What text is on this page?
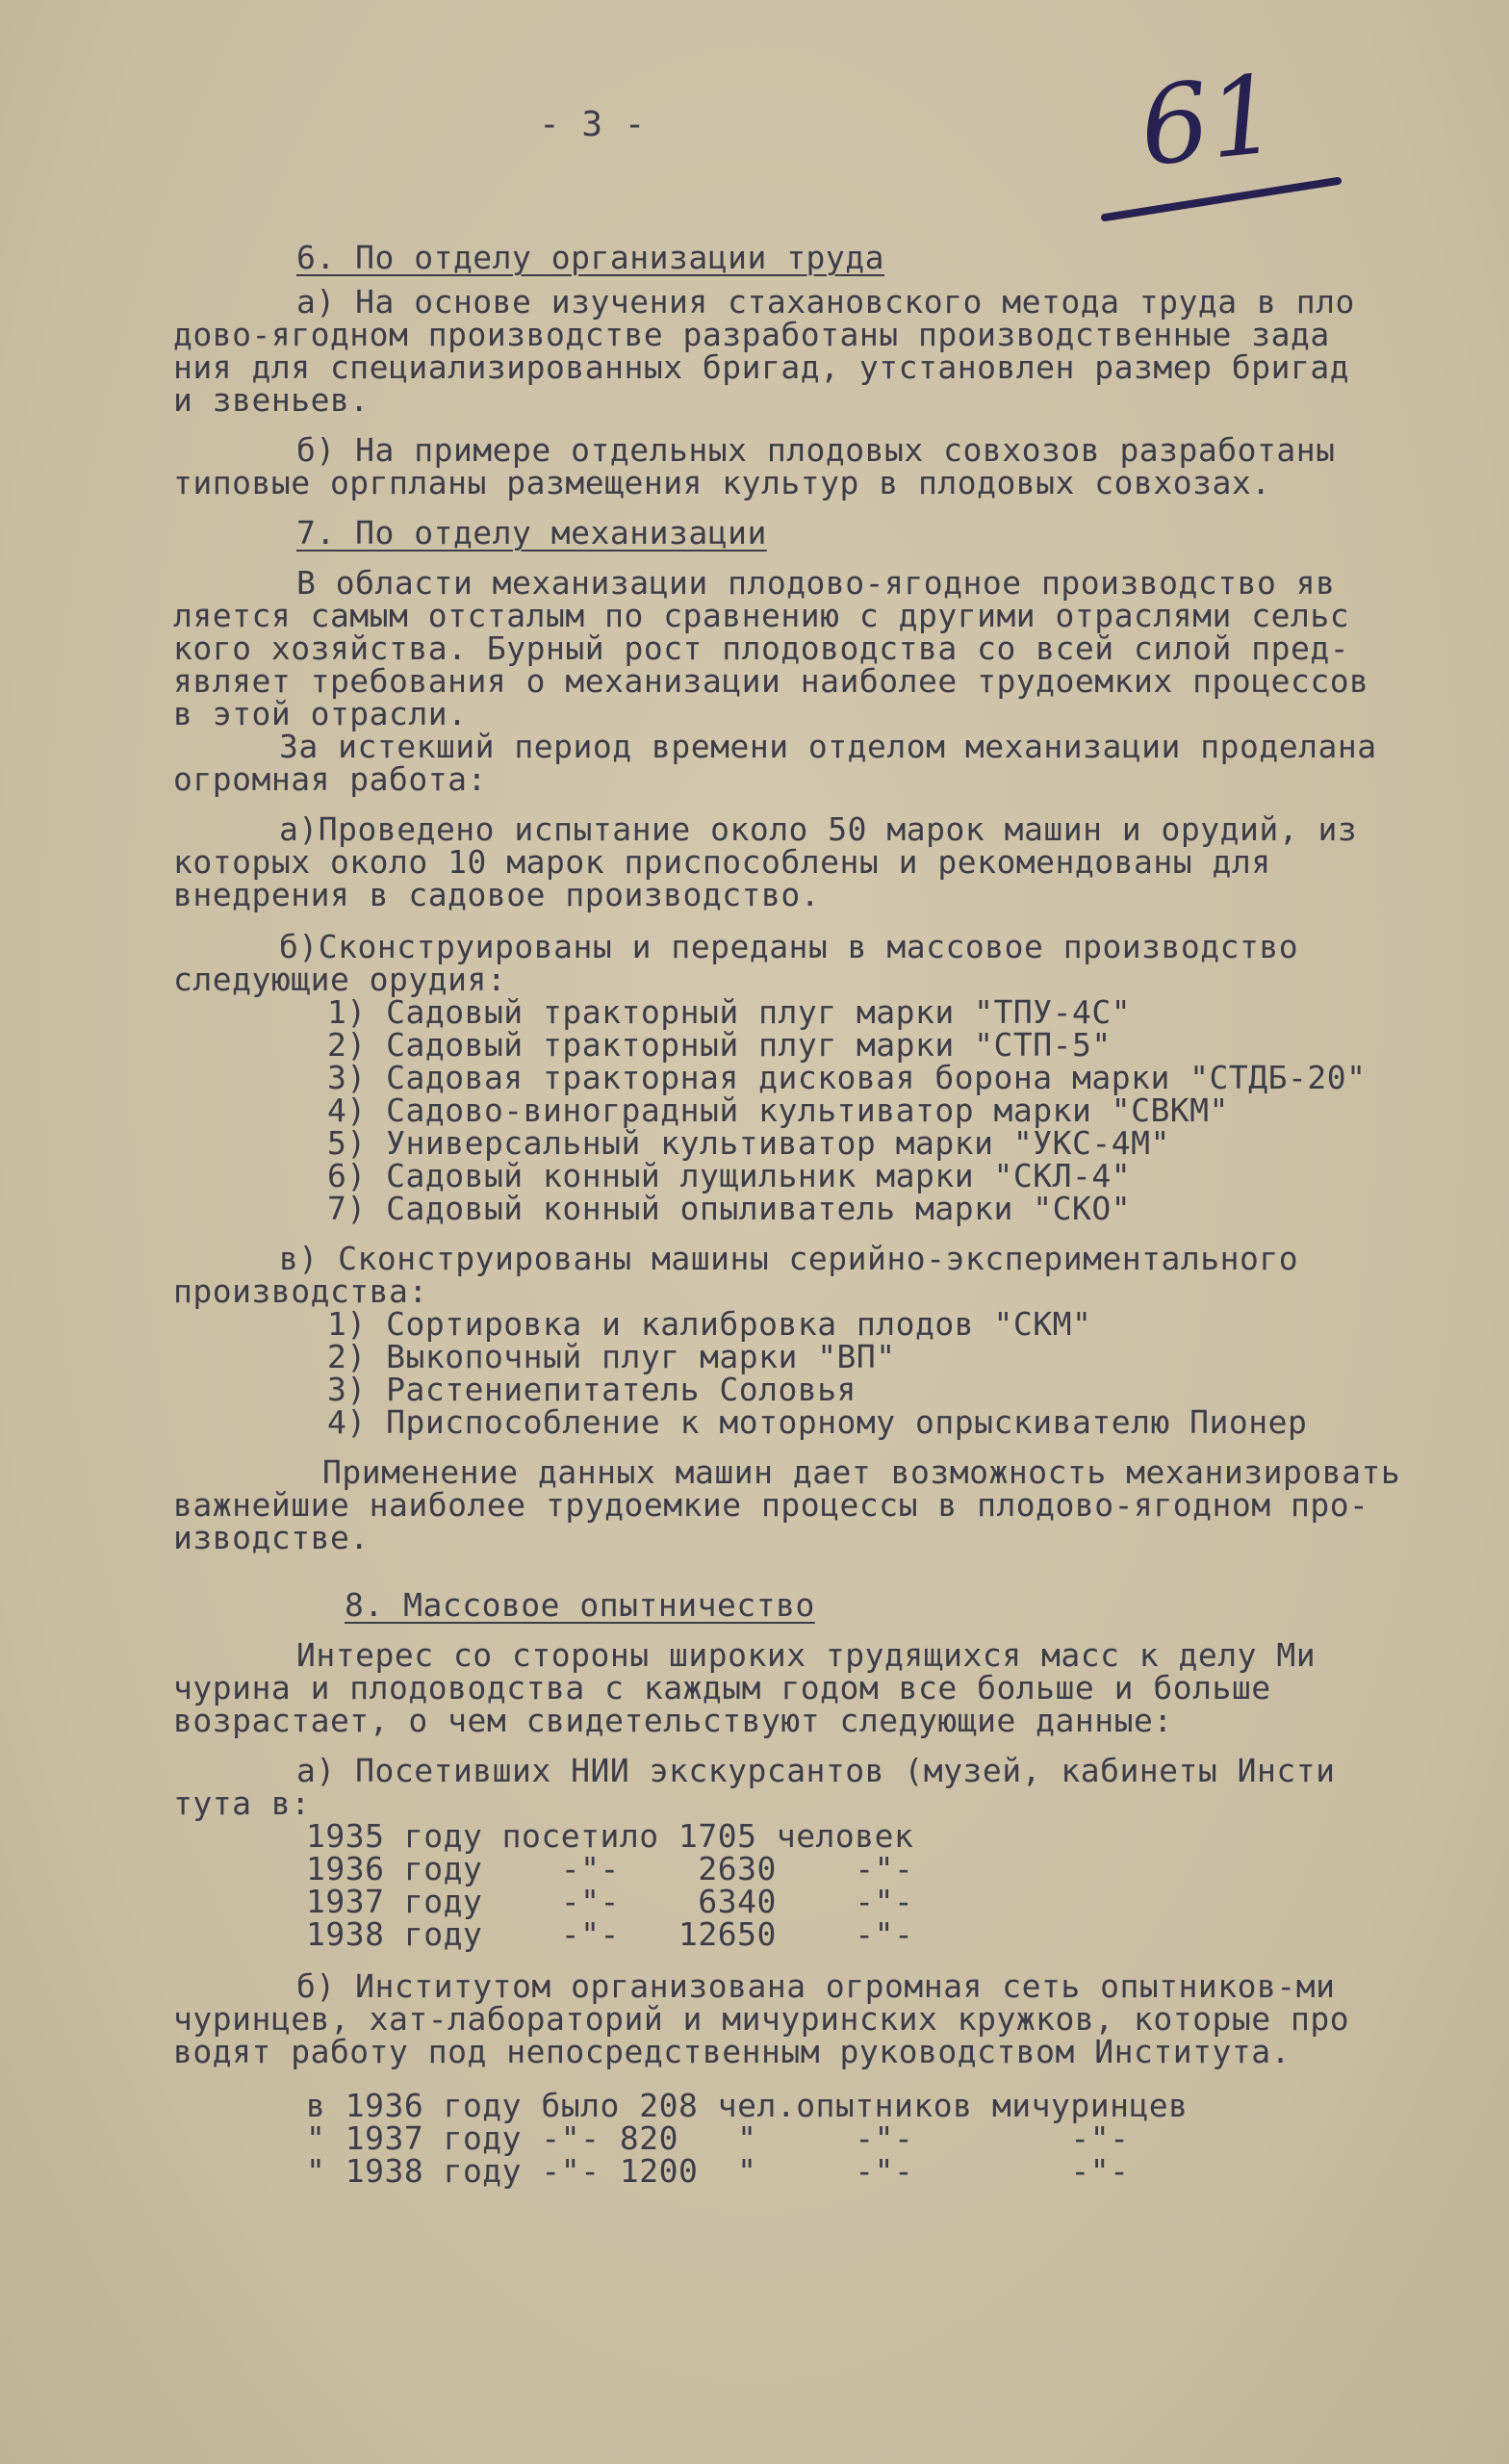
- 3 -	61
6. По отделу организации труда
а) На основе изучения стахановского метода труда в пло
дово-ягодном производстве разработаны производственные зада
ния для специализированных бригад, утстановлен размер бригад
и звеньев.
б) На примере отдельных плодовых совхозов разработаны
типовые оргпланы размещения культур в плодовых совхозах.
7. По отделу механизации
В области механизации плодово-ягодное производство яв
ляется самым отсталым по сравнению с другими отраслями сельс
кого хозяйства. Бурный рост плодоводства со всей силой пред-
являет требования о механизации наиболее трудоемких процессов
в этой отрасли.
За истекший период времени отделом механизации проделана
огромная работа:
а)Проведено испытание около 50 марок машин и орудий, из
которых около 10 марок приспособлены и рекомендованы для
внедрения в садовое производство.
б)Сконструированы и переданы в массовое производство
следующие орудия:
1) Садовый тракторный плуг марки "ТПУ-4С"
2) Садовый тракторный плуг марки "СТП-5"
3) Садовая тракторная дисковая борона марки "СТДБ-20"
4) Садово-виноградный культиватор марки "СВКМ"
5) Универсальный культиватор марки "УКС-4М"
6) Садовый конный лущильник марки "СКЛ-4"
7) Садовый конный опыливатель марки "СКО"
в) Сконструированы машины серийно-экспериментального
производства:
1) Сортировка и калибровка плодов "СКМ"
2) Выкопочный плуг марки "ВП"
3) Растениепитатель Соловья
4) Приспособление к моторному опрыскивателю Пионер
Применение данных машин дает возможность механизировать
важнейшие наиболее трудоемкие процессы в плодово-ягодном про-
изводстве.
8. Массовое опытничество
Интерес со стороны широких трудящихся масс к делу Ми
чурина и плодоводства с каждым годом все больше и больше
возрастает, о чем свидетельствуют следующие данные:
а) Посетивших НИИ экскурсантов (музей, кабинеты Инсти
тута в:
1935 году посетило 1705 человек
1936 году    -"-    2630    -"-
1937 году    -"-    6340    -"-
1938 году    -"-   12650    -"-
б) Институтом организована огромная сеть опытников-ми
чуринцев, хат-лабораторий и мичуринских кружков, которые про
водят работу под непосредственным руководством Института.
в 1936 году было 208 чел.опытников мичуринцев
" 1937 году -"- 820   "     -"-        -"-
" 1938 году -"- 1200  "     -"-        -"-
